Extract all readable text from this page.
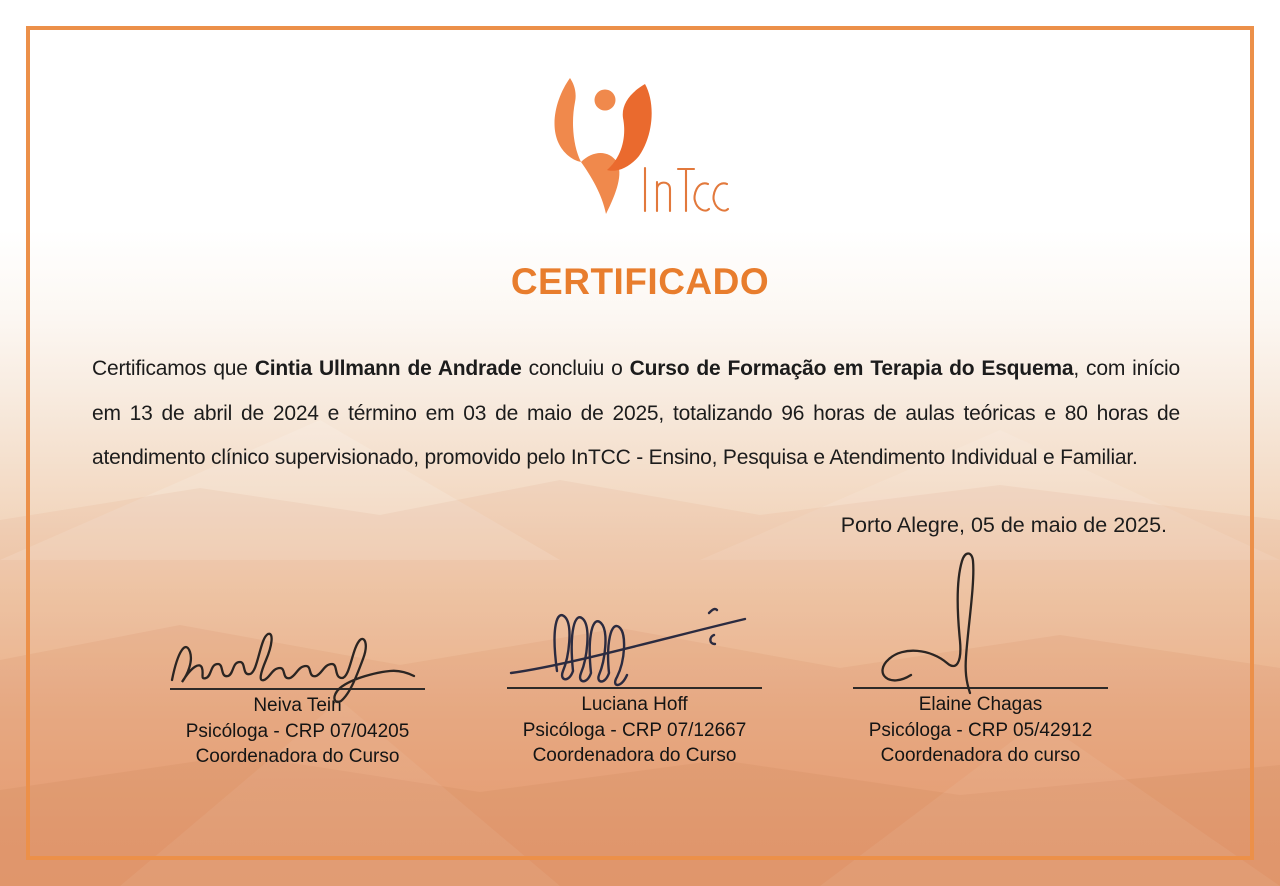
CERTIFICADO
Certificamos que Cintia Ullmann de Andrade concluiu o Curso de Formação em Terapia do Esquema, com início em 13 de abril de 2024 e término em 03 de maio de 2025, totalizando 96 horas de aulas teóricas e 80 horas de atendimento clínico supervisionado, promovido pelo InTCC - Ensino, Pesquisa e Atendimento Individual e Familiar.
Porto Alegre, 05 de maio de 2025.
Neiva Tein
Psicóloga - CRP 07/04205
Coordenadora do Curso
Luciana Hoff
Psicóloga - CRP 07/12667
Coordenadora do Curso
Elaine Chagas
Psicóloga - CRP 05/42912
Coordenadora do curso
